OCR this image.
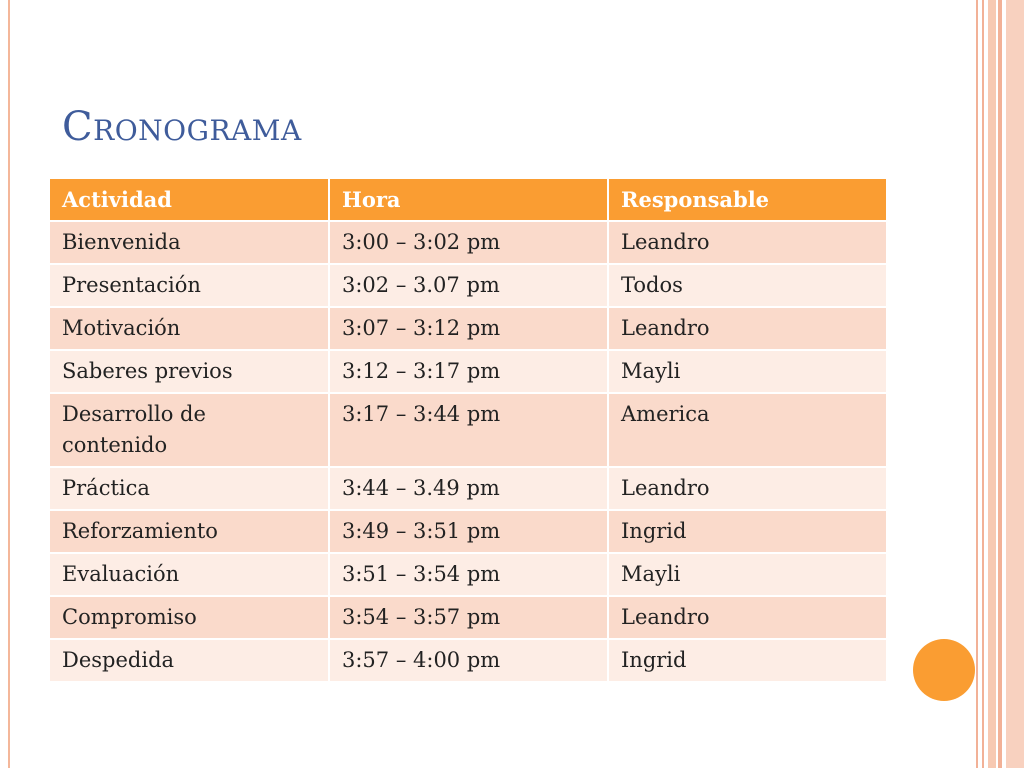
Cronograma
Actividad	Hora	Responsable
Bienvenida	3:00 – 3:02 pm	Leandro
Presentación	3:02 – 3.07 pm	Todos
Motivación	3:07 – 3:12 pm	Leandro
Saberes previos	3:12 – 3:17 pm	Mayli
Desarrollo de contenido	3:17 – 3:44 pm	America
Práctica	3:44 – 3.49 pm	Leandro
Reforzamiento	3:49 – 3:51 pm	Ingrid
Evaluación	3:51 – 3:54 pm	Mayli
Compromiso	3:54 – 3:57 pm	Leandro
Despedida	3:57 – 4:00 pm	Ingrid
